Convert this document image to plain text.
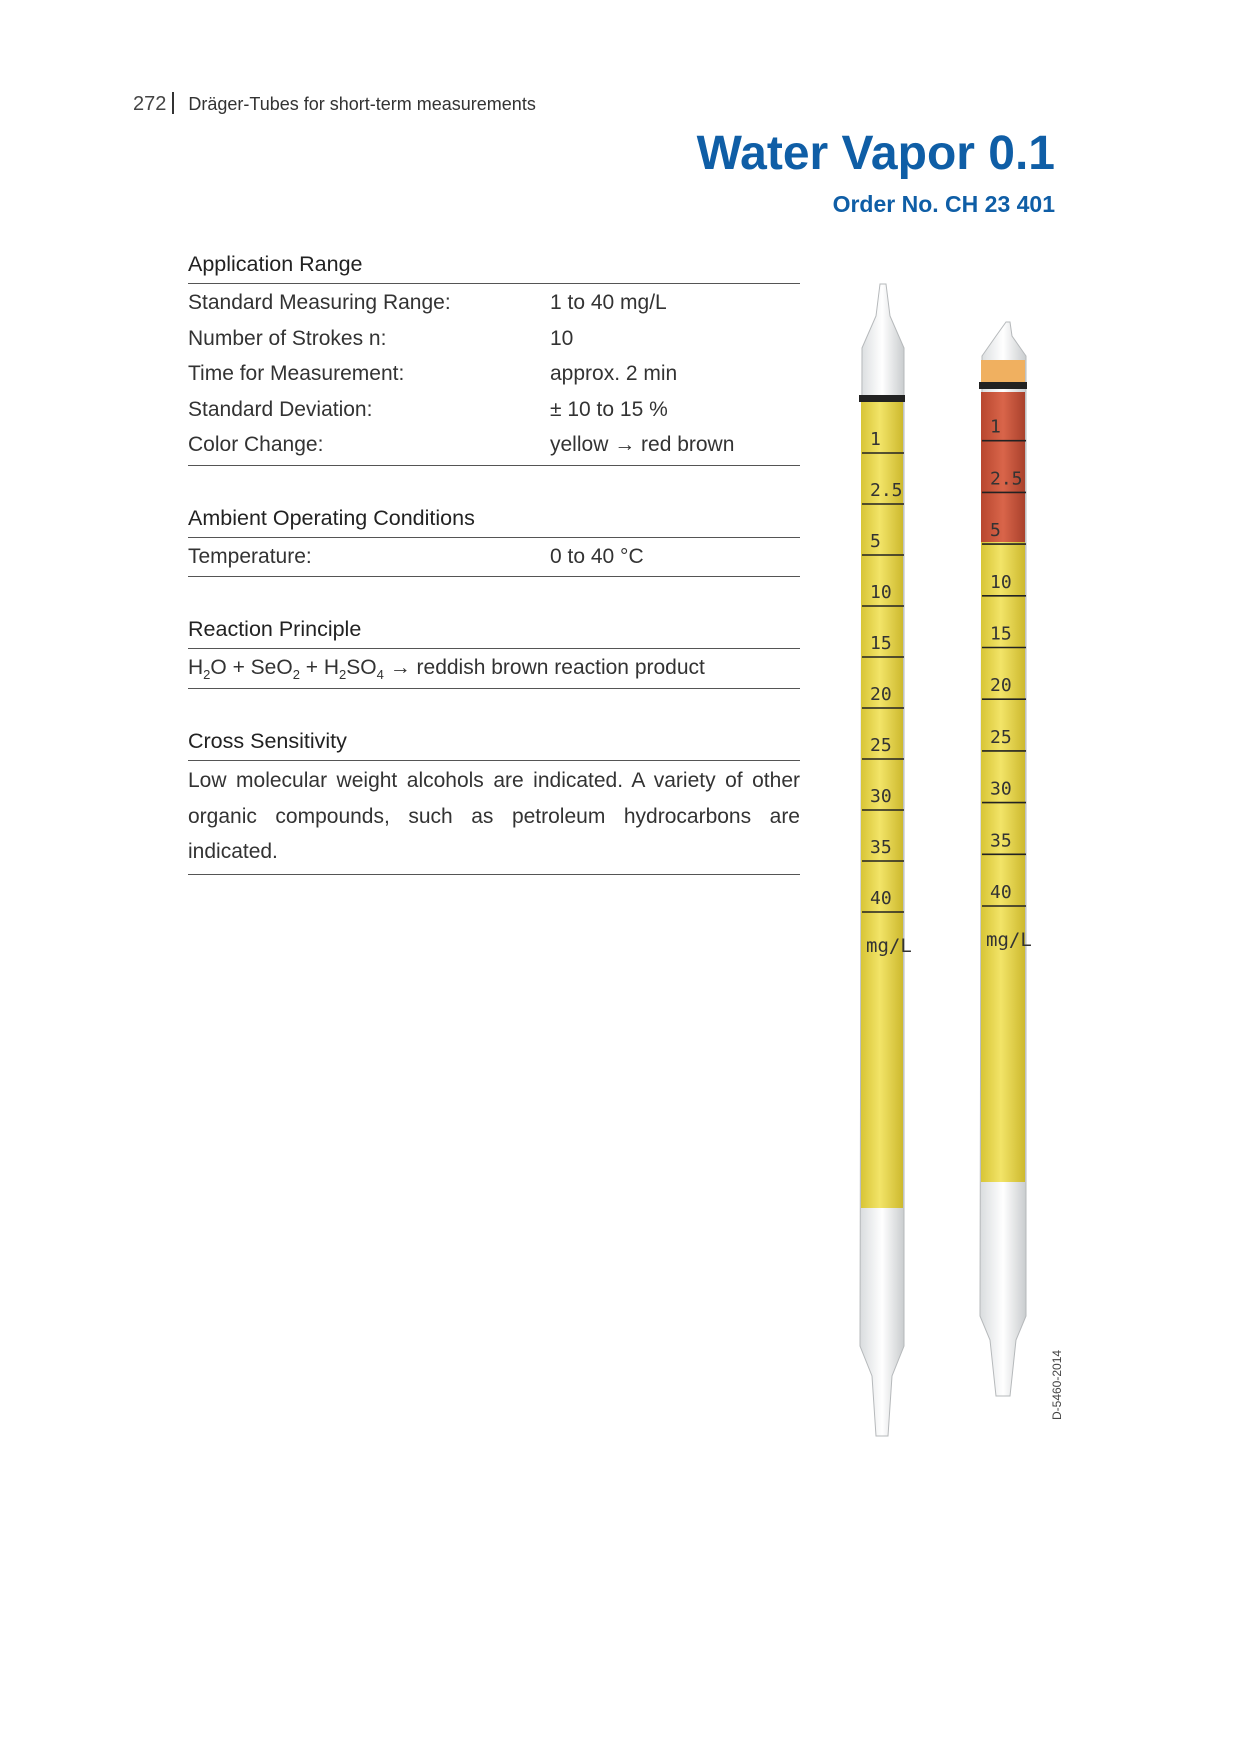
272 Dräger-Tubes for short-term measurements
Water Vapor 0.1
Order No. CH 23 401
Application Range
Standard Measuring Range:	1 to 40 mg/L
Number of Strokes n:	10
Time for Measurement:	approx. 2 min
Standard Deviation:	± 10 to 15 %
Color Change:	yellow → red brown
Ambient Operating Conditions
Temperature:	0 to 40 °C
Reaction Principle
$H_2O + SeO_2 + H_2SO_4$ → reddish brown reaction product
Cross Sensitivity
Low molecular weight alcohols are indicated. A variety of other organic compounds, such as petroleum hydrocarbons are indicated.
1
2.5
5
10
15
20
25
30
35
40
1
2.5
5
10
15
20
25
30
35
40
mg/L	mg/L
D-5460-2014
